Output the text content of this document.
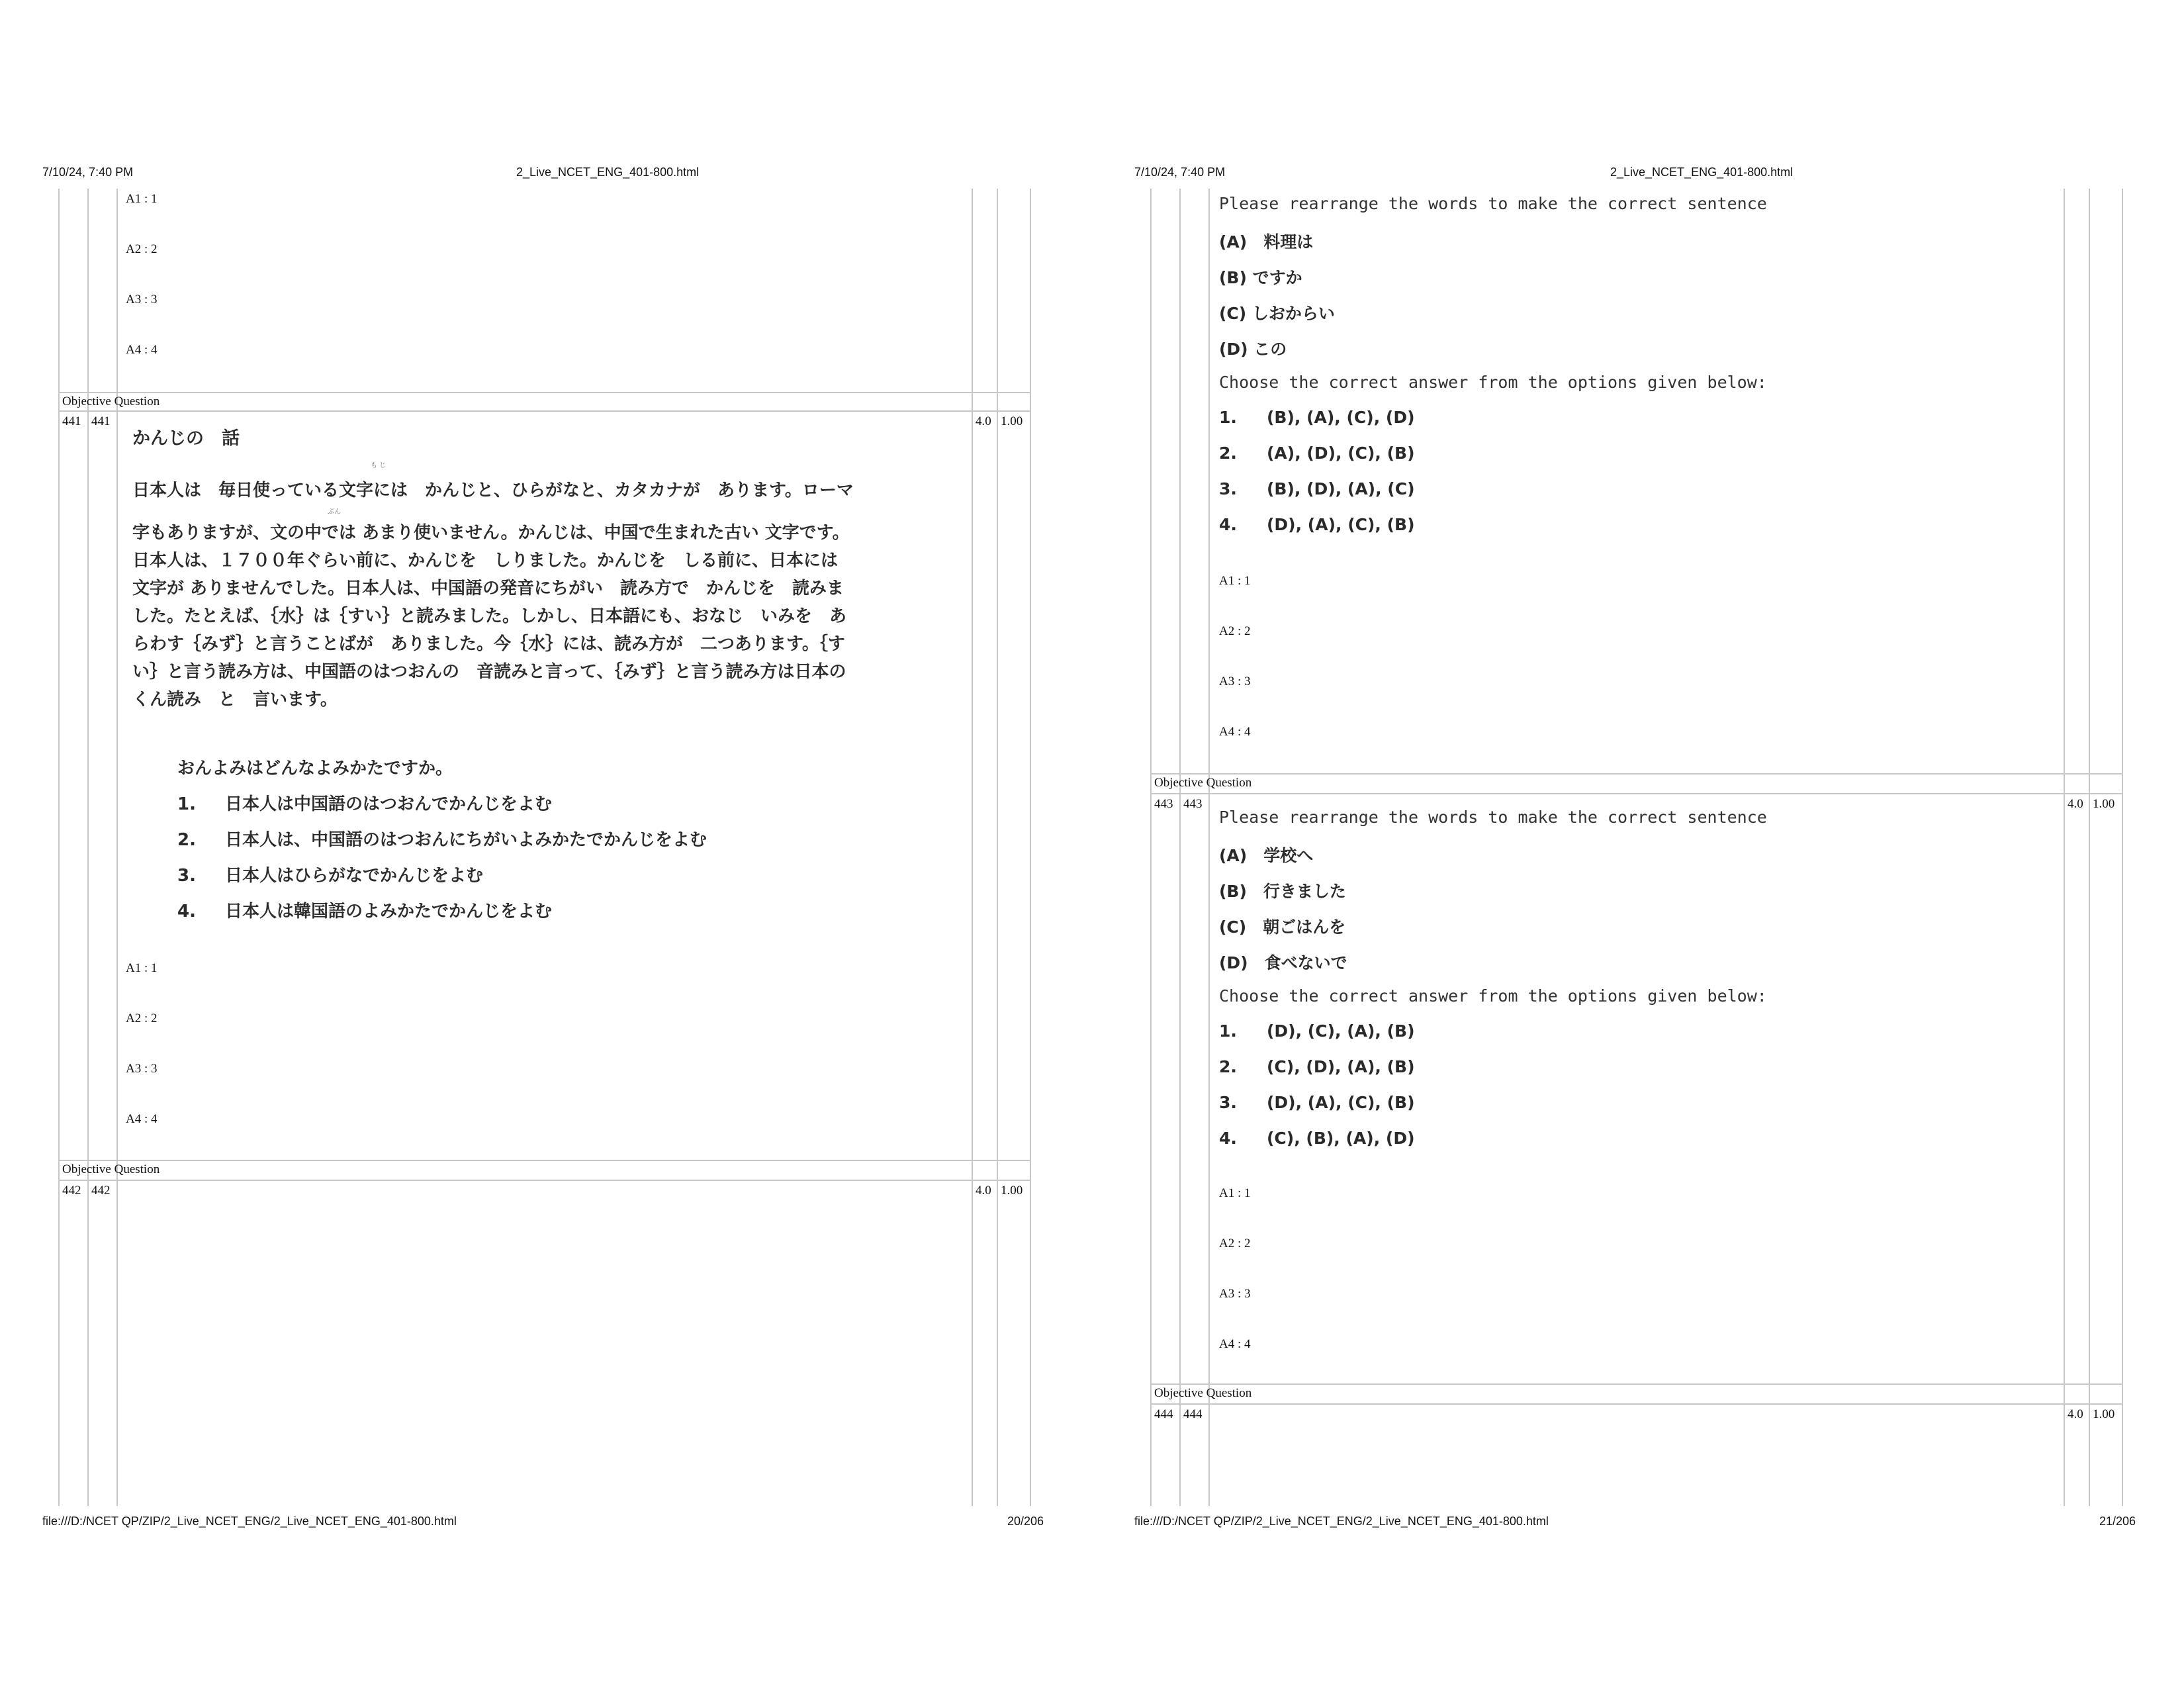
7/10/24, 7:40 PM	2_Live_NCET_ENG_401-800.html
A1 : 1
A2 : 2
A3 : 3
A4 : 4
Objective Question
441 441	4.0 1.00
かんじの　話
も じ
ぶん
日本人は　毎日使っている文字には　かんじと、ひらがなと、カタカナが　あります。ローマ
字もありますが、文の中では あまり使いません。かんじは、中国で生まれた古い 文字です。
日本人は、１７００年ぐらい前に、かんじを　しりました。かんじを　しる前に、日本には
文字が ありませんでした。日本人は、中国語の発音にちがい　読み方で　かんじを　読みま
した。たとえば、｛水｝は｛すい｝と読みました。しかし、日本語にも、おなじ　いみを　あ
らわす｛みず｝と言うことばが　ありました。今｛水｝には、読み方が　二つあります。｛す
い｝と言う読み方は、中国語のはつおんの　音読みと言って、｛みず｝と言う読み方は日本の
くん読み　と　言います。
おんよみはどんなよみかたですか。
1. 日本人は中国語のはつおんでかんじをよむ
2. 日本人は、中国語のはつおんにちがいよみかたでかんじをよむ
3. 日本人はひらがなでかんじをよむ
4. 日本人は韓国語のよみかたでかんじをよむ
A1 : 1
A2 : 2
A3 : 3
A4 : 4
Objective Question
442 442	4.0 1.00
file:///D:/NCET QP/ZIP/2_Live_NCET_ENG/2_Live_NCET_ENG_401-800.html	20/206
7/10/24, 7:40 PM	2_Live_NCET_ENG_401-800.html
Please rearrange the words to make the correct sentence
(A)　料理は
(B) ですか
(C) しおからい
(D) この
Choose the correct answer from the options given below:
1. (B), (A), (C), (D)
2. (A), (D), (C), (B)
3. (B), (D), (A), (C)
4. (D), (A), (C), (B)
A1 : 1
A2 : 2
A3 : 3
A4 : 4
Objective Question
443 443	4.0 1.00
Please rearrange the words to make the correct sentence
(A)　学校へ
(B)　行きました
(C)　朝ごはんを
(D)　食べないで
Choose the correct answer from the options given below:
1. (D), (C), (A), (B)
2. (C), (D), (A), (B)
3. (D), (A), (C), (B)
4. (C), (B), (A), (D)
A1 : 1
A2 : 2
A3 : 3
A4 : 4
Objective Question
444 444	4.0 1.00
file:///D:/NCET QP/ZIP/2_Live_NCET_ENG/2_Live_NCET_ENG_401-800.html	21/206
